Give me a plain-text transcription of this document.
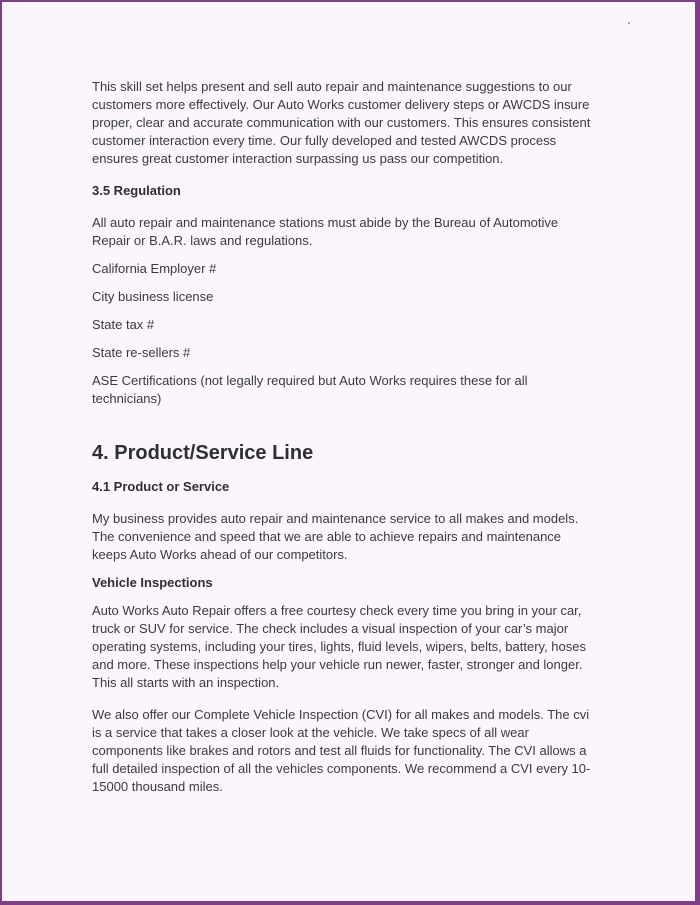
This skill set helps present and sell auto repair and maintenance suggestions to our customers more effectively. Our Auto Works customer delivery steps or AWCDS insure proper, clear and accurate communication with our customers. This ensures consistent customer interaction every time. Our fully developed and tested AWCDS process ensures great customer interaction surpassing us pass our competition.

3.5 Regulation

All auto repair and maintenance stations must abide by the Bureau of Automotive Repair or B.A.R. laws and regulations.

California Employer #

City business license

State tax #

State re-sellers #

ASE Certifications (not legally required but Auto Works requires these for all technicians)

4. Product/Service Line
4.1 Product or Service

My business provides auto repair and maintenance service to all makes and models. The convenience and speed that we are able to achieve repairs and maintenance keeps Auto Works ahead of our competitors.

Vehicle Inspections

Auto Works Auto Repair offers a free courtesy check every time you bring in your car, truck or SUV for service. The check includes a visual inspection of your car’s major operating systems, including your tires, lights, fluid levels, wipers, belts, battery, hoses and more. These inspections help your vehicle run newer, faster, stronger and longer. This all starts with an inspection.

We also offer our Complete Vehicle Inspection (CVI) for all makes and models. The cvi is a service that takes a closer look at the vehicle. We take specs of all wear components like brakes and rotors and test all fluids for functionality. The CVI allows a full detailed inspection of all the vehicles components. We recommend a CVI every 10-15000 thousand miles.
